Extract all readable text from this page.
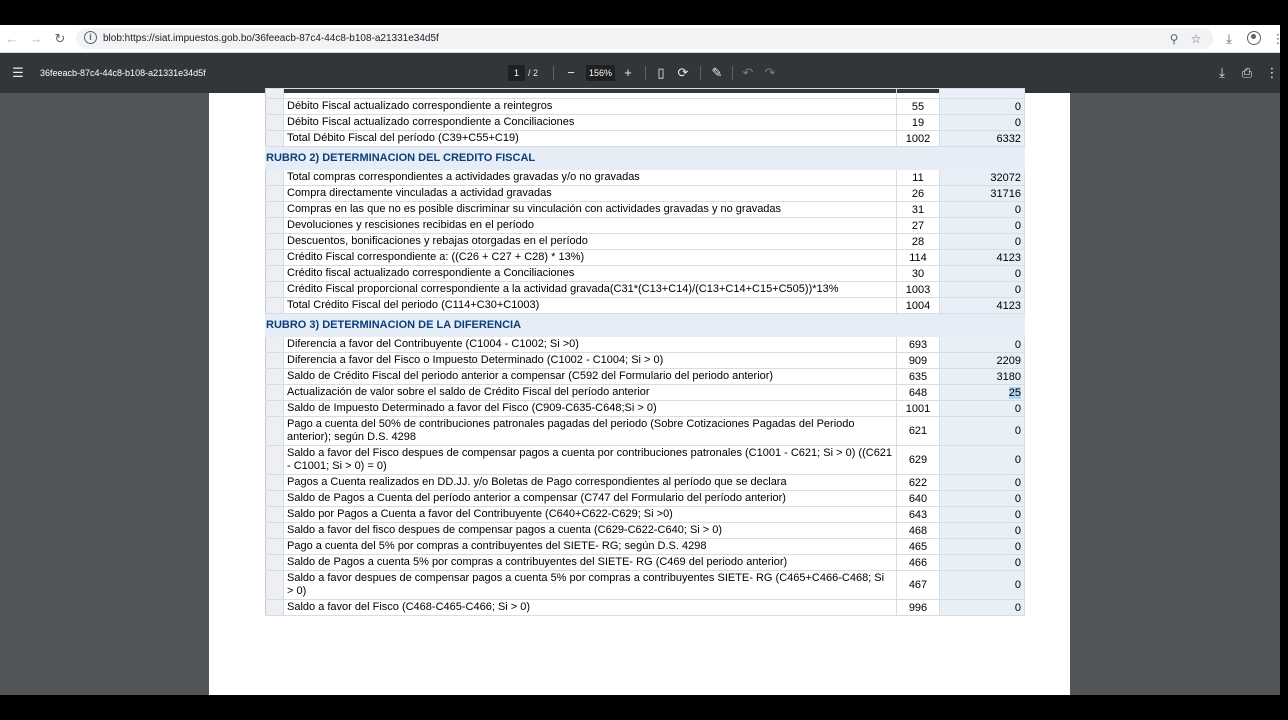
← → ↻	i	blob:https://siat.impuestos.gob.bo/36feeacb-87c4-44c8-b108-a21331e34d5f	⚲	☆	⤓	⋮
☰	36feeacb-87c4-44c8-b108-a21331e34d5f	1	/ 2	−	156% +	▯ ⟳	✎	↶ ↷	⤓	⎙	⋮

	Débito Fiscal actualizado correspondiente a reintegros	55	0
	Débito Fiscal actualizado correspondiente a Conciliaciones	19	0
	Total Débito Fiscal del período (C39+C55+C19)	1002	6332
RUBRO 2) DETERMINACION DEL CREDITO FISCAL			
	Total compras correspondientes a actividades gravadas y/o no gravadas	11	32072
	Compra directamente vinculadas a actividad gravadas	26	31716
	Compras en las que no es posible discriminar su vinculación con actividades gravadas y no gravadas	31	0
	Devoluciones y rescisiones recibidas en el período	27	0
	Descuentos, bonificaciones y rebajas otorgadas en el período	28	0
	Crédito Fiscal correspondiente a: ((C26 + C27 + C28) * 13%)	114	4123
	Crédito fiscal actualizado correspondiente a Conciliaciones	30	0
	Crédito Fiscal proporcional correspondiente a la actividad gravada(C31*(C13+C14)/(C13+C14+C15+C505))*13%	1003	0
	Total Crédito Fiscal del periodo (C114+C30+C1003)	1004	4123
RUBRO 3) DETERMINACION DE LA DIFERENCIA			
	Diferencia a favor del Contribuyente (C1004 - C1002; Si >0)	693	0
	Diferencia a favor del Fisco o Impuesto Determinado (C1002 - C1004; Si > 0)	909	2209
	Saldo de Crédito Fiscal del periodo anterior a compensar (C592 del Formulario del periodo anterior)	635	3180
	Actualización de valor sobre el saldo de Crédito Fiscal del período anterior	648	25
	Saldo de Impuesto Determinado a favor del Fisco (C909-C635-C648;Si > 0)	1001	0
	Pago a cuenta del 50% de contribuciones patronales pagadas del periodo (Sobre Cotizaciones Pagadas del Periodo anterior); según D.S. 4298	621	0
	Saldo a favor del Fisco despues de compensar pagos a cuenta por contribuciones patronales (C1001 - C621; Si > 0) ((C621 - C1001; Si > 0) = 0)	629	0
	Pagos a Cuenta realizados en DD.JJ. y/o Boletas de Pago correspondientes al período que se declara	622	0
	Saldo de Pagos a Cuenta del período anterior a compensar (C747 del Formulario del período anterior)	640	0
	Saldo por Pagos a Cuenta a favor del Contribuyente (C640+C622-C629; Si >0)	643	0
	Saldo a favor del fisco despues de compensar pagos a cuenta (C629-C622-C640; Si > 0)	468	0
	Pago a cuenta del 5% por compras a contribuyentes del SIETE- RG; según D.S. 4298	465	0
	Saldo de Pagos a cuenta 5% por compras a contribuyentes del SIETE- RG (C469 del periodo anterior)	466	0
	Saldo a favor despues de compensar pagos a cuenta 5% por compras a contribuyentes SIETE- RG (C465+C466-C468; Si > 0)	467	0
	Saldo a favor del Fisco (C468-C465-C466; Si > 0)	996	0
